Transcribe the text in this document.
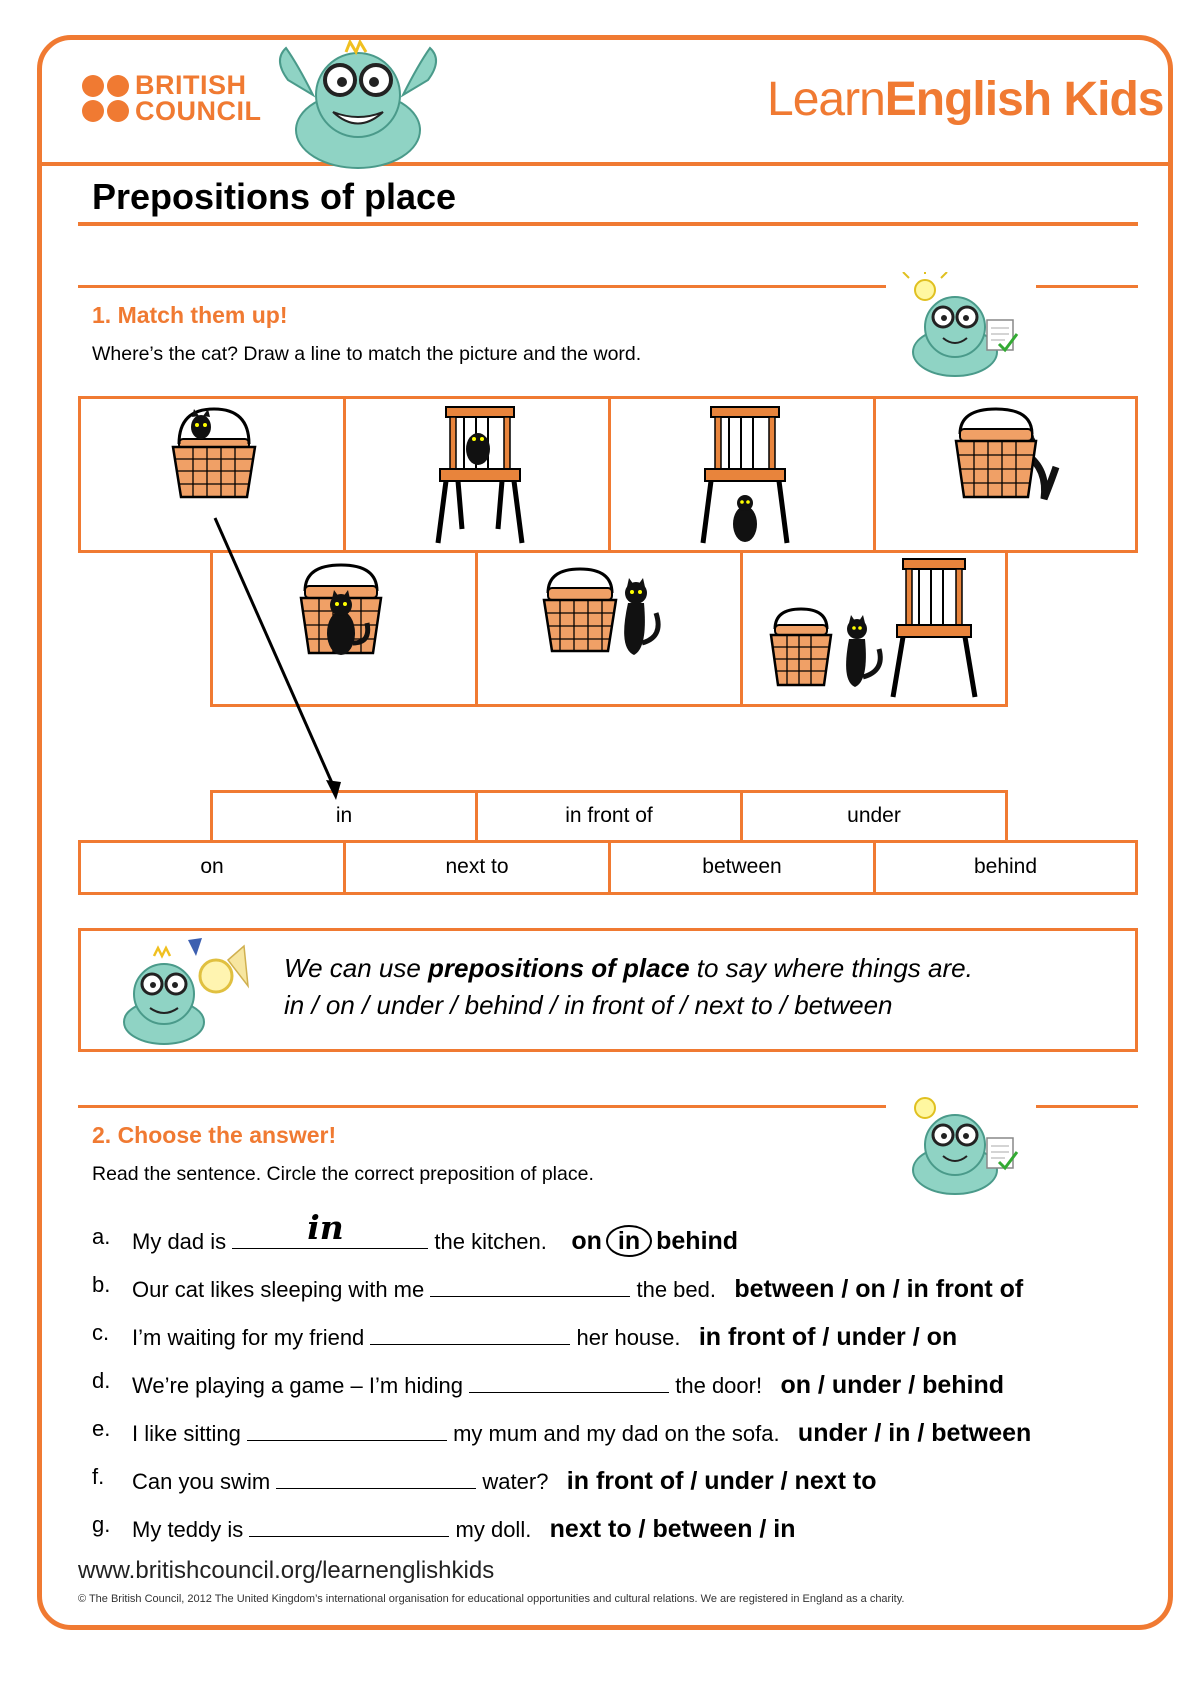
BRITISH
COUNCIL	LearnEnglish Kids
Prepositions of place
1. Match them up!
Where’s the cat? Draw a line to match the picture and the word.
in	in front of	under
on	next to	between	behind
We can use prepositions of place to say where things are.
in / on / under / behind / in front of / next to / between
2. Choose the answer!
Read the sentence. Circle the correct preposition of place.
a. My dad is in	the kitchen. on in behind
b. Our cat likes sleeping with me	the bed. between / on / in front of
c. I’m waiting for my friend	her house. in front of / under / on
d. We’re playing a game – I’m hiding	the door! on / under / behind
e. I like sitting	my mum and my dad on the sofa. under / in / between
f. Can you swim	water? in front of / under / next to
g. My teddy is	my doll. next to / between / in
www.britishcouncil.org/learnenglishkids
© The British Council, 2012 The United Kingdom’s international organisation for educational opportunities and cultural relations. We are registered in England as a charity.
